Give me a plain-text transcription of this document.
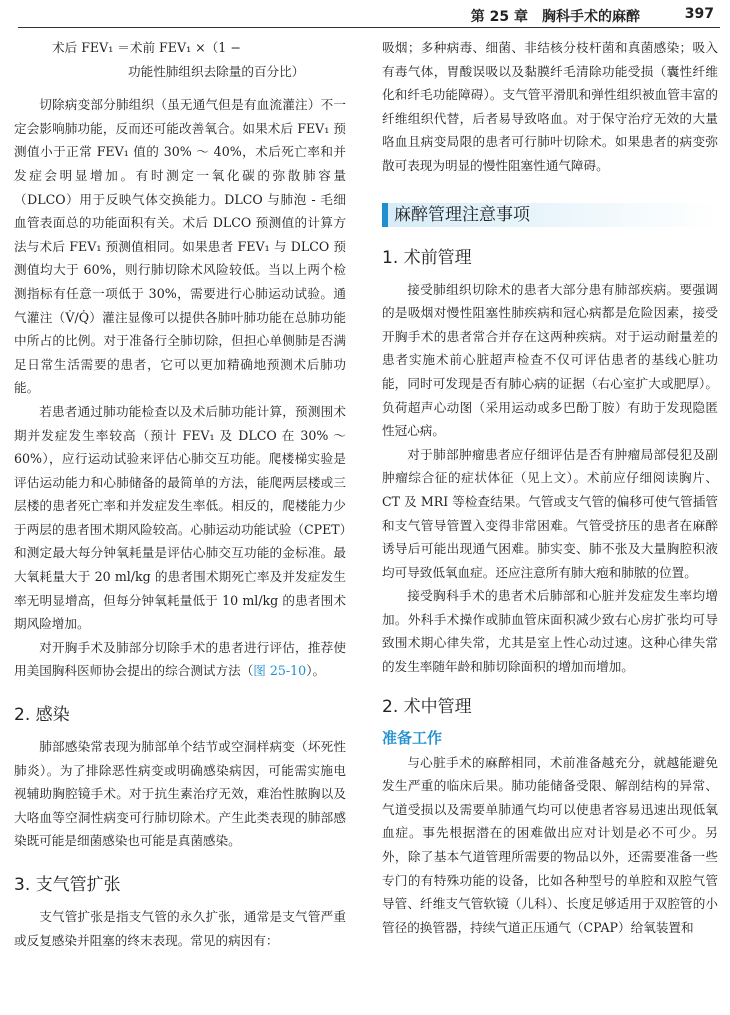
第 25 章　胸科手术的麻醉	397
术后 FEV₁ ＝术前 FEV₁ ×（1 −
功能性肺组织去除量的百分比）

切除病变部分肺组织（虽无通气但是有血流灌注）不一定会影响肺功能，反而还可能改善氧合。如果术后 FEV₁ 预测值小于正常 FEV₁ 值的 30% ～ 40%，术后死亡率和并发症会明显增加。有时测定一氧化碳的弥散肺容量（DLCO）用于反映气体交换能力。DLCO 与肺泡 - 毛细血管表面总的功能面积有关。术后 DLCO 预测值的计算方法与术后 FEV₁ 预测值相同。如果患者 FEV₁ 与 DLCO 预测值均大于 60%，则行肺切除术风险较低。当以上两个检测指标有任意一项低于 30%，需要进行心肺运动试验。通气灌注（V̇/Q̇）灌注显像可以提供各肺叶肺功能在总肺功能中所占的比例。对于准备行全肺切除，但担心单侧肺是否满足日常生活需要的患者，它可以更加精确地预测术后肺功能。

若患者通过肺功能检查以及术后肺功能计算，预测围术期并发症发生率较高（预计 FEV₁ 及 DLCO 在 30% ～ 60%），应行运动试验来评估心肺交互功能。爬楼梯实验是评估运动能力和心肺储备的最简单的方法，能爬两层楼或三层楼的患者死亡率和并发症发生率低。相反的，爬楼能力少于两层的患者围术期风险较高。心肺运动功能试验（CPET）和测定最大每分钟氧耗量是评估心肺交互功能的金标准。最大氧耗量大于 20 ml/kg 的患者围术期死亡率及并发症发生率无明显增高，但每分钟氧耗量低于 10 ml/kg 的患者围术期风险增加。

对开胸手术及肺部分切除手术的患者进行评估，推荐使用美国胸科医师协会提出的综合测试方法（图 25-10）。

2. 感染

肺部感染常表现为肺部单个结节或空洞样病变（坏死性肺炎）。为了排除恶性病变或明确感染病因，可能需实施电视辅助胸腔镜手术。对于抗生素治疗无效，难治性脓胸以及大咯血等空洞性病变可行肺切除术。产生此类表现的肺部感染既可能是细菌感染也可能是真菌感染。

3. 支气管扩张

支气管扩张是指支气管的永久扩张，通常是支气管严重或反复感染并阻塞的终末表现。常见的病因有：

吸烟；多种病毒、细菌、非结核分枝杆菌和真菌感染；吸入有毒气体，胃酸误吸以及黏膜纤毛清除功能受损（囊性纤维化和纤毛功能障碍）。支气管平滑肌和弹性组织被血管丰富的纤维组织代替，后者易导致咯血。对于保守治疗无效的大量咯血且病变局限的患者可行肺叶切除术。如果患者的病变弥散可表现为明显的慢性阻塞性通气障碍。

麻醉管理注意事项
1. 术前管理

接受肺组织切除术的患者大部分患有肺部疾病。要强调的是吸烟对慢性阻塞性肺疾病和冠心病都是危险因素，接受开胸手术的患者常合并存在这两种疾病。对于运动耐量差的患者实施术前心脏超声检查不仅可评估患者的基线心脏功能，同时可发现是否有肺心病的证据（右心室扩大或肥厚）。负荷超声心动图（采用运动或多巴酚丁胺）有助于发现隐匿性冠心病。

对于肺部肿瘤患者应仔细评估是否有肿瘤局部侵犯及副肿瘤综合征的症状体征（见上文）。术前应仔细阅读胸片、CT 及 MRI 等检查结果。气管或支气管的偏移可使气管插管和支气管导管置入变得非常困难。气管受挤压的患者在麻醉诱导后可能出现通气困难。肺实变、肺不张及大量胸腔积液均可导致低氧血症。还应注意所有肺大疱和肺脓的位置。

接受胸科手术的患者术后肺部和心脏并发症发生率均增加。外科手术操作或肺血管床面积减少致右心房扩张均可导致围术期心律失常，尤其是室上性心动过速。这种心律失常的发生率随年龄和肺切除面积的增加而增加。

2. 术中管理
准备工作

与心脏手术的麻醉相同，术前准备越充分，就越能避免发生严重的临床后果。肺功能储备受限、解剖结构的异常、气道受损以及需要单肺通气均可以使患者容易迅速出现低氧血症。事先根据潜在的困难做出应对计划是必不可少。另外，除了基本气道管理所需要的物品以外，还需要准备一些专门的有特殊功能的设备，比如各种型号的单腔和双腔气管导管、纤维支气管软镜（儿科）、长度足够适用于双腔管的小管径的换管器，持续气道正压通气（CPAP）给氧装置和
